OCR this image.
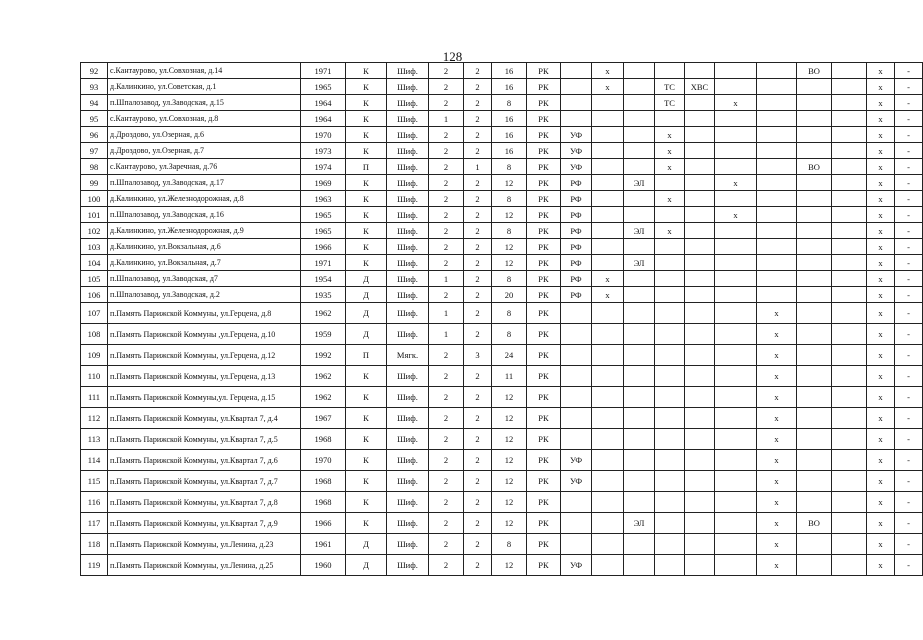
128
92	с.Кантаурово, ул.Совхозная, д.14	1971	К	Шиф.	2	2	16	РК		х						ВО		х	-
93	д.Калинкино, ул.Советская, д.1	1965	К	Шиф.	2	2	16	РК		х		ТС	ХВС					х	-
94	п.Шпалозавод, ул.Заводская, д.15	1964	К	Шиф.	2	2	8	РК				ТС		х				х	-
95	с.Кантаурово, ул.Совхозная, д.8	1964	К	Шиф.	1	2	16	РК										х	-
96	д.Дроздово, ул.Озерная, д.6	1970	К	Шиф.	2	2	16	РК	УФ			х						х	-
97	д.Дроздово, ул.Озерная, д.7	1973	К	Шиф.	2	2	16	РК	УФ			х						х	-
98	с.Кантаурово, ул.Заречная, д.76	1974	П	Шиф.	2	1	8	РК	УФ			х				ВО		х	-
99	п.Шпалозавод, ул.Заводская, д.17	1969	К	Шиф.	2	2	12	РК	РФ		ЭЛ			х				х	-
100	д.Калинкино, ул.Железнодорожная, д.8	1963	К	Шиф.	2	2	8	РК	РФ			х						х	-
101	п.Шпалозавод, ул.Заводская, д.16	1965	К	Шиф.	2	2	12	РК	РФ					х				х	-
102	д.Калинкино, ул.Железнодорожная, д.9	1965	К	Шиф.	2	2	8	РК	РФ		ЭЛ	х						х	-
103	д.Калинкино, ул.Вокзальная, д.6	1966	К	Шиф.	2	2	12	РК	РФ									х	-
104	д.Калинкино, ул.Вокзальная, д.7	1971	К	Шиф.	2	2	12	РК	РФ		ЭЛ							х	-
105	п.Шпалозавод, ул.Заводская, д7	1954	Д	Шиф.	1	2	8	РК	РФ	х								х	-
106	п.Шпалозавод, ул.Заводская, д.2	1935	Д	Шиф.	2	2	20	РК	РФ	х								х	-
107	п.Память Парижской Коммуны, ул.Герцена, д.8	1962	Д	Шиф.	1	2	8	РК							х			х	-
108	п.Память Парижской Коммуны ,ул.Герцена, д.10	1959	Д	Шиф.	1	2	8	РК							х			х	-
109	п.Память Парижской Коммуны, ул.Герцена, д.12	1992	П	Мягк.	2	3	24	РК							х			х	-
110	п.Память Парижской Коммуны, ул.Герцена, д.13	1962	К	Шиф.	2	2	11	РК							х			х	-
111	п.Память Парижской Коммуны,ул. Герцена, д.15	1962	К	Шиф.	2	2	12	РК							х			х	-
112	п.Память Парижской Коммуны, ул.Квартал 7, д.4	1967	К	Шиф.	2	2	12	РК							х			х	-
113	п.Память Парижской Коммуны, ул.Квартал 7, д.5	1968	К	Шиф.	2	2	12	РК							х			х	-
114	п.Память Парижской Коммуны, ул.Квартал 7, д.6	1970	К	Шиф.	2	2	12	РК	УФ						х			х	-
115	п.Память Парижской Коммуны, ул.Квартал 7, д.7	1968	К	Шиф.	2	2	12	РК	УФ						х			х	-
116	п.Память Парижской Коммуны, ул.Квартал 7, д.8	1968	К	Шиф.	2	2	12	РК							х			х	-
117	п.Память Парижской Коммуны, ул.Квартал 7, д.9	1966	К	Шиф.	2	2	12	РК			ЭЛ				х	ВО		х	-
118	п.Память Парижской Коммуны, ул.Ленина, д.23	1961	Д	Шиф.	2	2	8	РК							х			х	-
119	п.Память Парижской Коммуны, ул.Ленина, д.25	1960	Д	Шиф.	2	2	12	РК	УФ						х			х	-
